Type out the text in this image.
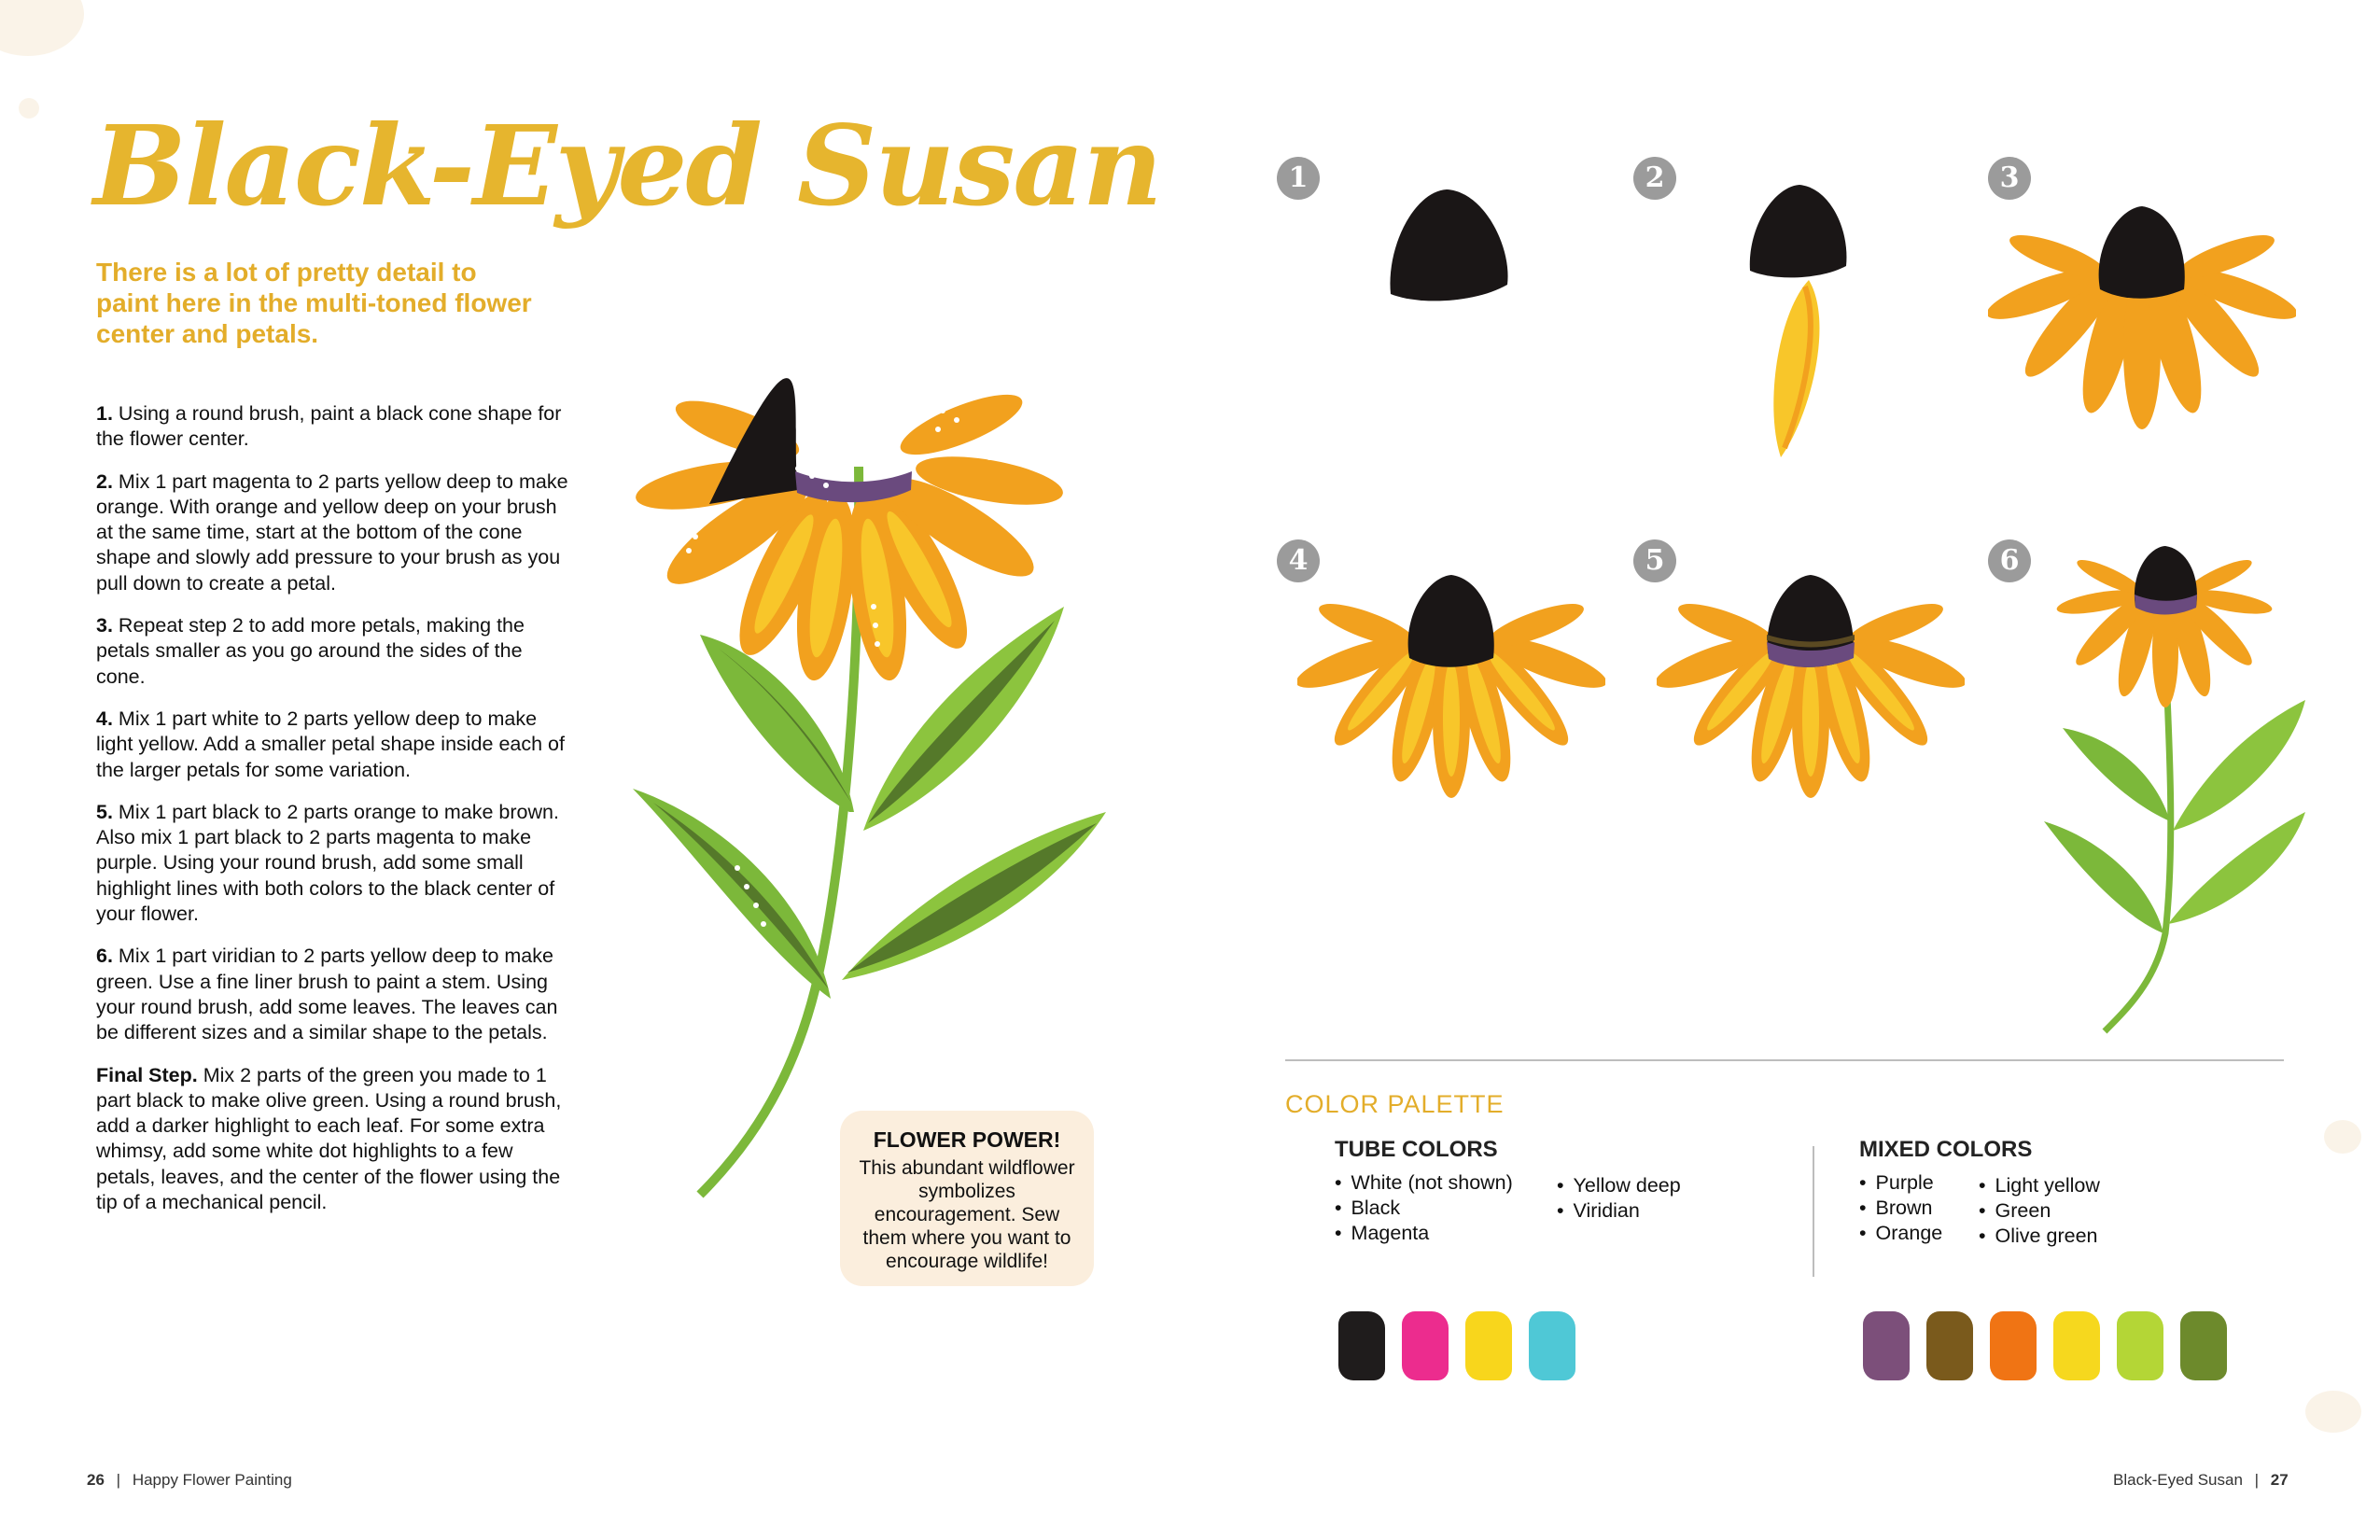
Black-Eyed Susan
There is a lot of pretty detail to paint here in the multi-toned flower center and petals.

1. Using a round brush, paint a black cone shape for the flower center.

2. Mix 1 part magenta to 2 parts yellow deep to make orange. With orange and yellow deep on your brush at the same time, start at the bottom of the cone shape and slowly add pressure to your brush as you pull down to create a petal.

3. Repeat step 2 to add more petals, making the petals smaller as you go around the sides of the cone.

4. Mix 1 part white to 2 parts yellow deep to make light yellow. Add a smaller petal shape inside each of the larger petals for some variation.

5. Mix 1 part black to 2 parts orange to make brown. Also mix 1 part black to 2 parts magenta to make purple. Using your round brush, add some small highlight lines with both colors to the black center of your flower.

6. Mix 1 part viridian to 2 parts yellow deep to make green. Use a fine liner brush to paint a stem. Using your round brush, add some leaves. The leaves can be different sizes and a similar shape to the petals.

Final Step. Mix 2 parts of the green you made to 1 part black to make olive green. Using a round brush, add a darker highlight to each leaf. For some extra whimsy, add some white dot highlights to a few petals, leaves, and the center of the flower using the tip of a mechanical pencil.

FLOWER POWER!
This abundant wildflower symbolizes encouragement. Sew them where you want to encourage wildlife!
26 | Happy Flower Painting
1	2	3
4	5	6
COLOR PALETTE
TUBE COLORS
• White (not shown)
• Black
• Magenta
• Yellow deep
• Viridian
MIXED COLORS
• Purple
• Brown
• Orange
• Light yellow
• Green
• Olive green
Black-Eyed Susan | 27
